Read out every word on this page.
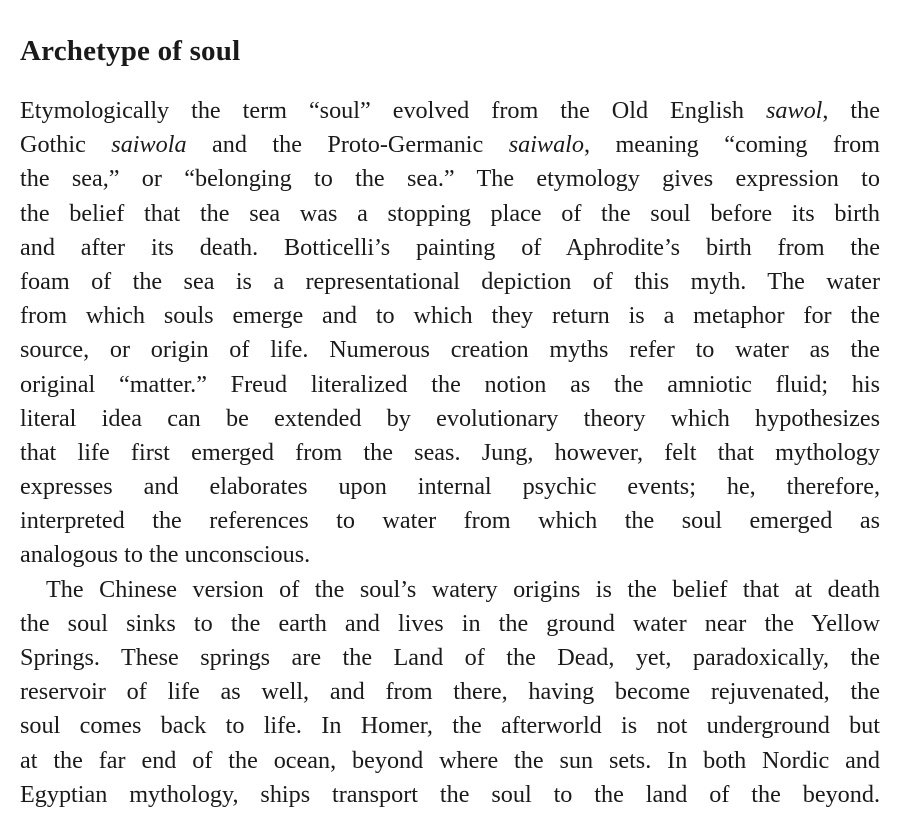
Archetype of soul
Etymologically the term “soul” evolved from the Old English sawol, the
Gothic saiwola and the Proto-Germanic saiwalo, meaning “coming from
the sea,” or “belonging to the sea.” The etymology gives expression to
the belief that the sea was a stopping place of the soul before its birth
and after its death. Botticelli’s painting of Aphrodite’s birth from the
foam of the sea is a representational depiction of this myth. The water
from which souls emerge and to which they return is a metaphor for the
source, or origin of life. Numerous creation myths refer to water as the
original “matter.” Freud literalized the notion as the amniotic fluid; his
literal idea can be extended by evolutionary theory which hypothesizes
that life first emerged from the seas. Jung, however, felt that mythology
expresses and elaborates upon internal psychic events; he, therefore,
interpreted the references to water from which the soul emerged as
analogous to the unconscious.
The Chinese version of the soul’s watery origins is the belief that at death
the soul sinks to the earth and lives in the ground water near the Yellow
Springs. These springs are the Land of the Dead, yet, paradoxically, the
reservoir of life as well, and from there, having become rejuvenated, the
soul comes back to life. In Homer, the afterworld is not underground but
at the far end of the ocean, beyond where the sun sets. In both Nordic and
Egyptian mythology, ships transport the soul to the land of the beyond.
